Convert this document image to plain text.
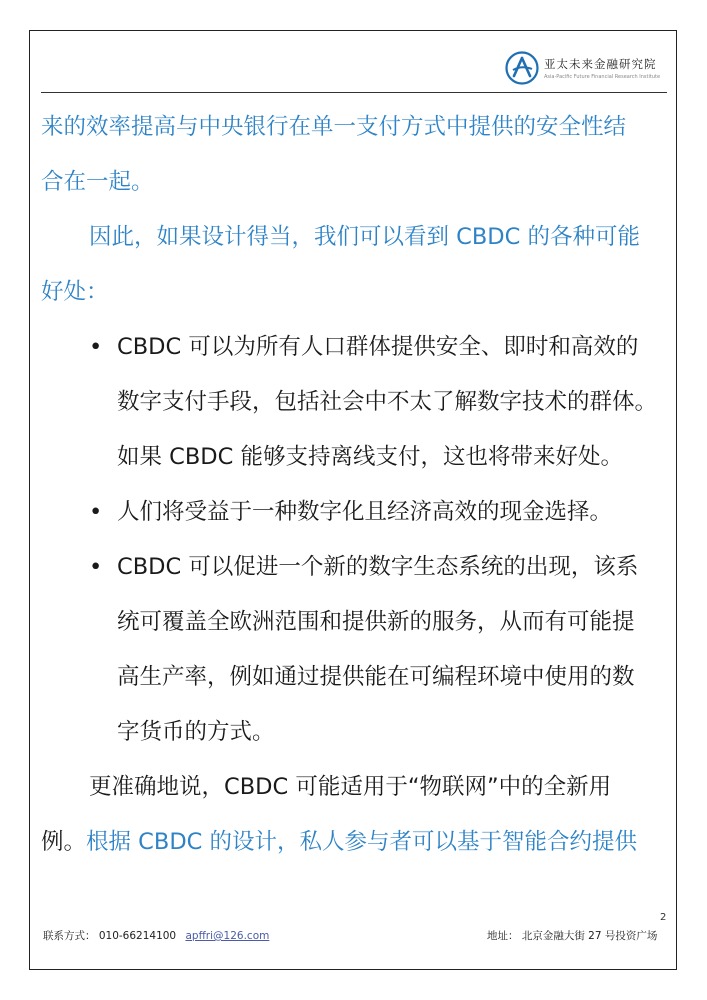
亚太未来金融研究院
Asia-Pacific Future Financial Research Institute
来的效率提高与中央银行在单一支付方式中提供的安全性结
合在一起。
因此，如果设计得当，我们可以看到 CBDC 的各种可能
好处：
• CBDC 可以为所有人口群体提供安全、即时和高效的
数字支付手段，包括社会中不太了解数字技术的群体。
如果 CBDC 能够支持离线支付，这也将带来好处。
• 人们将受益于一种数字化且经济高效的现金选择。
• CBDC 可以促进一个新的数字生态系统的出现，该系
统可覆盖全欧洲范围和提供新的服务，从而有可能提
高生产率，例如通过提供能在可编程环境中使用的数
字货币的方式。
更准确地说，CBDC 可能适用于“物联网”中的全新用
例。根据 CBDC 的设计，私人参与者可以基于智能合约提供
2
联系方式： 010-66214100 apffri@126.com	地址： 北京金融大街 27 号投资广场
